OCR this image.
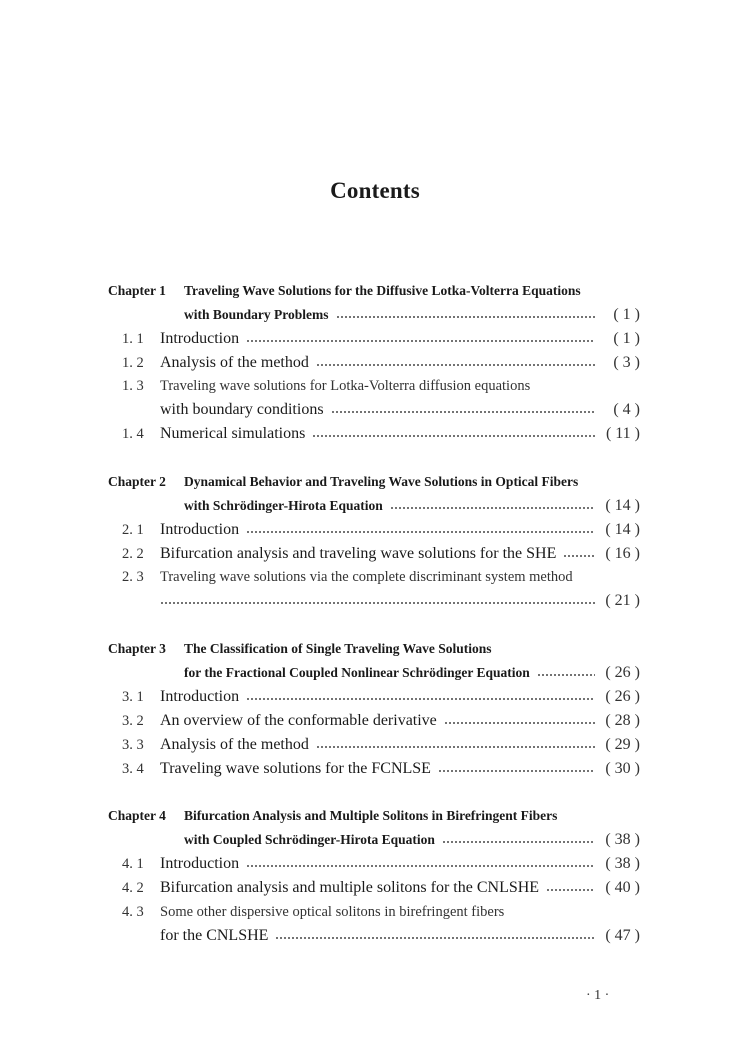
Contents
Chapter 1 Traveling Wave Solutions for the Diffusive Lotka-Volterra Equations
with Boundary Problems	( 1 )
1. 1 Introduction	( 1 )
1. 2 Analysis of the method	( 3 )
1. 3 Traveling wave solutions for Lotka-Volterra diffusion equations
with boundary conditions	( 4 )
1. 4 Numerical simulations	( 11 )
Chapter 2 Dynamical Behavior and Traveling Wave Solutions in Optical Fibers
with Schrödinger-Hirota Equation	( 14 )
2. 1 Introduction	( 14 )
2. 2 Bifurcation analysis and traveling wave solutions for the SHE	( 16 )
2. 3 Traveling wave solutions via the complete discriminant system method
( 21 )
Chapter 3 The Classification of Single Traveling Wave Solutions
for the Fractional Coupled Nonlinear Schrödinger Equation	( 26 )
3. 1 Introduction	( 26 )
3. 2 An overview of the conformable derivative	( 28 )
3. 3 Analysis of the method	( 29 )
3. 4 Traveling wave solutions for the FCNLSE	( 30 )
Chapter 4 Bifurcation Analysis and Multiple Solitons in Birefringent Fibers
with Coupled Schrödinger-Hirota Equation	( 38 )
4. 1 Introduction	( 38 )
4. 2 Bifurcation analysis and multiple solitons for the CNLSHE	( 40 )
4. 3 Some other dispersive optical solitons in birefringent fibers
for the CNLSHE	( 47 )
· 1 ·
